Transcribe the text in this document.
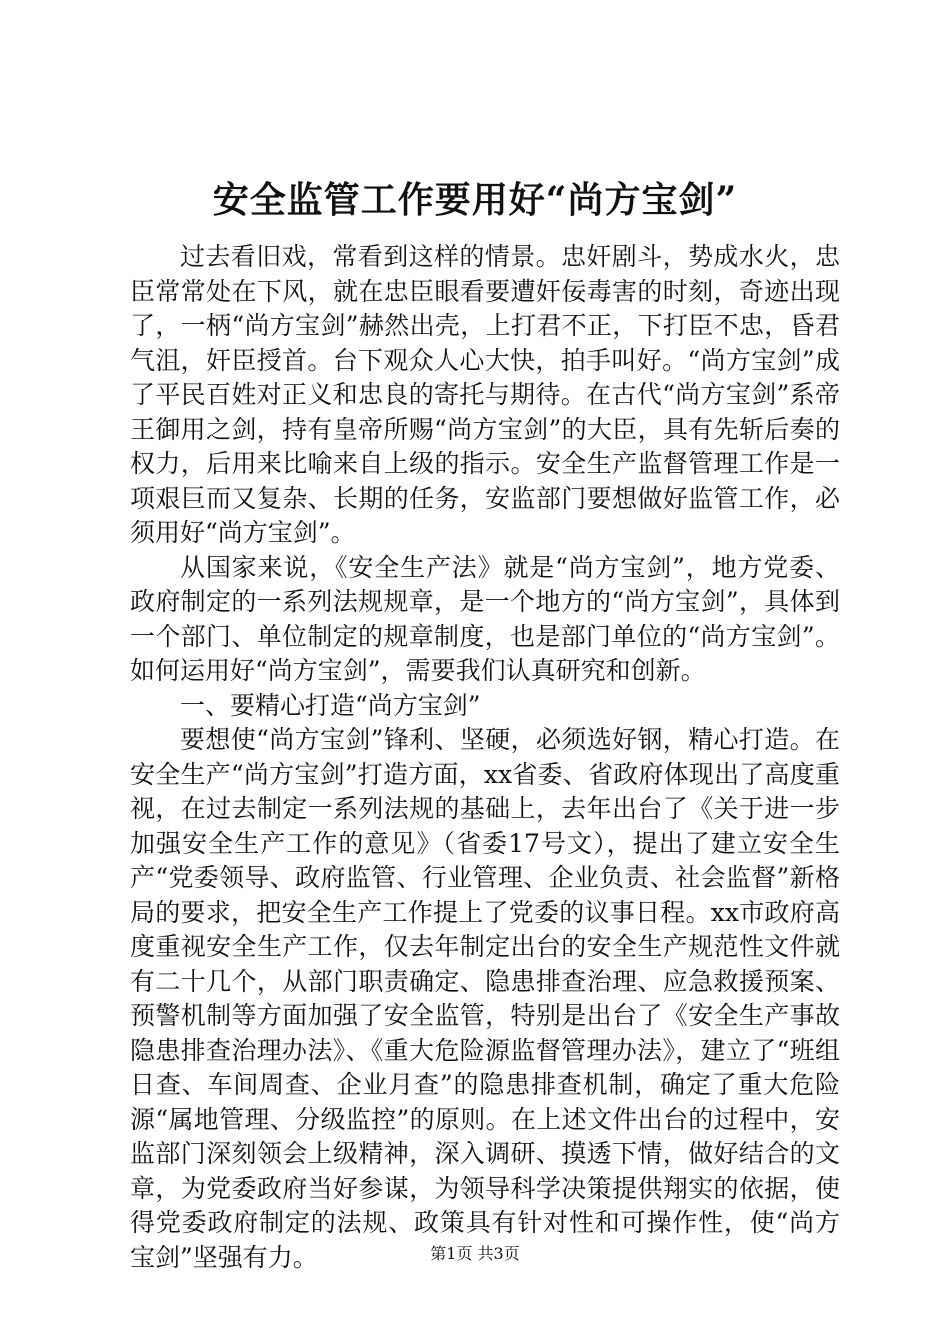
安全监管工作要用好“尚方宝剑”

过去看旧戏，常看到这样的情景。忠奸剧斗，势成水火，忠臣常常处在下风，就在忠臣眼看要遭奸佞毒害的时刻，奇迹出现了，一柄“尚方宝剑”赫然出壳，上打君不正，下打臣不忠，昏君气沮，奸臣授首。台下观众人心大快，拍手叫好。“尚方宝剑”成了平民百姓对正义和忠良的寄托与期待。在古代“尚方宝剑”系帝王御用之剑，持有皇帝所赐“尚方宝剑”的大臣，具有先斩后奏的权力，后用来比喻来自上级的指示。安全生产监督管理工作是一项艰巨而又复杂、长期的任务，安监部门要想做好监管工作，必须用好“尚方宝剑”。

从国家来说，《安全生产法》就是“尚方宝剑”，地方党委、政府制定的一系列法规规章，是一个地方的“尚方宝剑”，具体到一个部门、单位制定的规章制度，也是部门单位的“尚方宝剑”。如何运用好“尚方宝剑”，需要我们认真研究和创新。

一、要精心打造“尚方宝剑”

要想使“尚方宝剑”锋利、坚硬，必须选好钢，精心打造。在安全生产“尚方宝剑”打造方面，xx省委、省政府体现出了高度重视，在过去制定一系列法规的基础上，去年出台了《关于进一步加强安全生产工作的意见》（省委17号文），提出了建立安全生产“党委领导、政府监管、行业管理、企业负责、社会监督”新格局的要求，把安全生产工作提上了党委的议事日程。xx市政府高度重视安全生产工作，仅去年制定出台的安全生产规范性文件就有二十几个，从部门职责确定、隐患排查治理、应急救援预案、预警机制等方面加强了安全监管，特别是出台了《安全生产事故隐患排查治理办法》、《重大危险源监督管理办法》，建立了“班组日查、车间周查、企业月查”的隐患排查机制，确定了重大危险源“属地管理、分级监控”的原则。在上述文件出台的过程中，安监部门深刻领会上级精神，深入调研、摸透下情，做好结合的文章，为党委政府当好参谋，为领导科学决策提供翔实的依据，使得党委政府制定的法规、政策具有针对性和可操作性，使“尚方宝剑”坚强有力。	第1页 共3页
